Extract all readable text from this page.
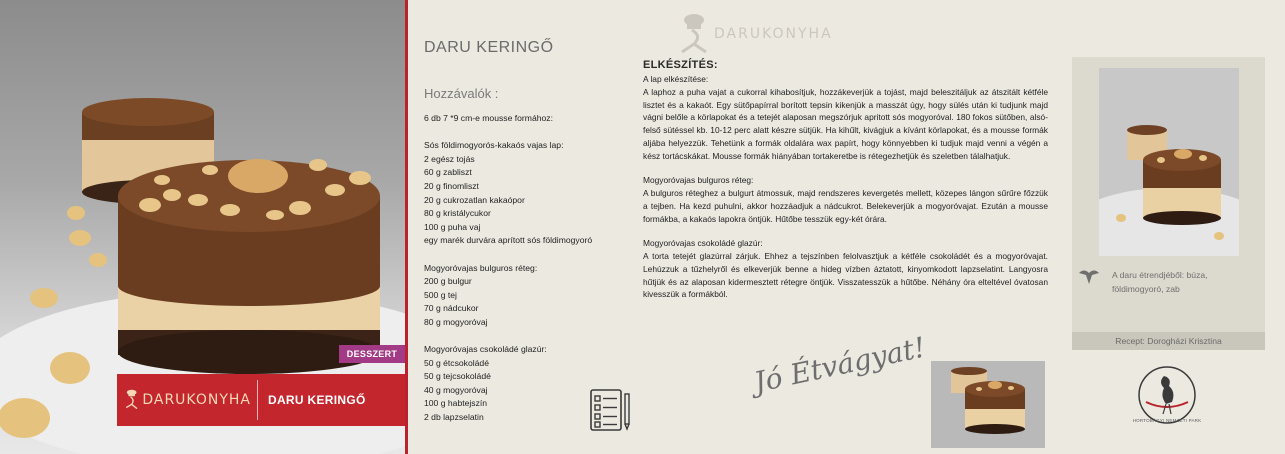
DESSZERT
DARUKONYHA DARU KERINGŐ
DARU KERINGŐ
DARUKONYHA
Hozzávalók :
6 db 7 *9 cm-e mousse formához:
Sós földimogyorós-kakaós vajas lap:
2 egész tojás
60 g zabliszt
20 g finomliszt
20 g cukrozatlan kakaópor
80 g kristálycukor
100 g puha vaj
egy marék durvára aprított sós földimogyoró
Mogyoróvajas bulguros réteg:
200 g bulgur
500 g tej
70 g nádcukor
80 g mogyoróvaj
Mogyoróvajas csokoládé glazúr:
50 g étcsokoládé
50 g tejcsokoládé
40 g mogyoróvaj
100 g habtejszín
2 db lapzselatin
ELKÉSZÍTÉS:
A lap elkészítése:

A laphoz a puha vajat a cukorral kihabosítjuk, hozzákeverjük a tojást, majd beleszitáljuk az átszitált kétféle lisztet és a kakaót. Egy sütőpapírral borított tepsin kikenjük a masszát úgy, hogy sülés után ki tudjunk majd vágni belőle a körlapokat és a tetejét alaposan megszórjuk apritott sós mogyoróval. 180 fokos sütőben, alsó-felső sütéssel kb. 10-12 perc alatt készre sütjük. Ha kihűlt, kivágjuk a kívánt körlapokat, és a mousse formák aljába helyezzük. Tehetünk a formák oldalára wax papírt, hogy könnyebben ki tudjuk majd venni a végén a kész tortácskákat. Mousse formák hiányában tortakeretbe is rétegezhetjük és szeletben tálalhatjuk.

Mogyoróvajas bulguros réteg:

A bulguros réteghez a bulgurt átmossuk, majd rendszeres kevergetés mellett, közepes lángon sűrűre főzzük a tejben. Ha kezd puhulni, akkor hozzáadjuk a nádcukrot. Belekeverjük a mogyoróvajat. Ezután a mousse formákba, a kakaós lapokra öntjük. Hűtőbe tesszük egy-két órára.

Mogyoróvajas csokoládé glazúr:

A torta tetejét glazúrral zárjuk. Ehhez a tejszínben felolvasztjuk a kétféle csokoládét és a mogyoróvajat. Lehúzzuk a tűzhelyről és elkeverjük benne a hideg vízben áztatott, kinyomkodott lapzselatint. Langyosra hűtjük és az alaposan kidermesztett rétegre öntjük. Visszatesszük a hűtőbe. Néhány óra elteltével óvatosan kivesszük a formákból.

Jó Étvágyat!
A daru étrendjéből: búza, földimogyoró, zab
Recept: Dorogházi Krisztina
HORTOBÁGYI NEMZETI PARK
